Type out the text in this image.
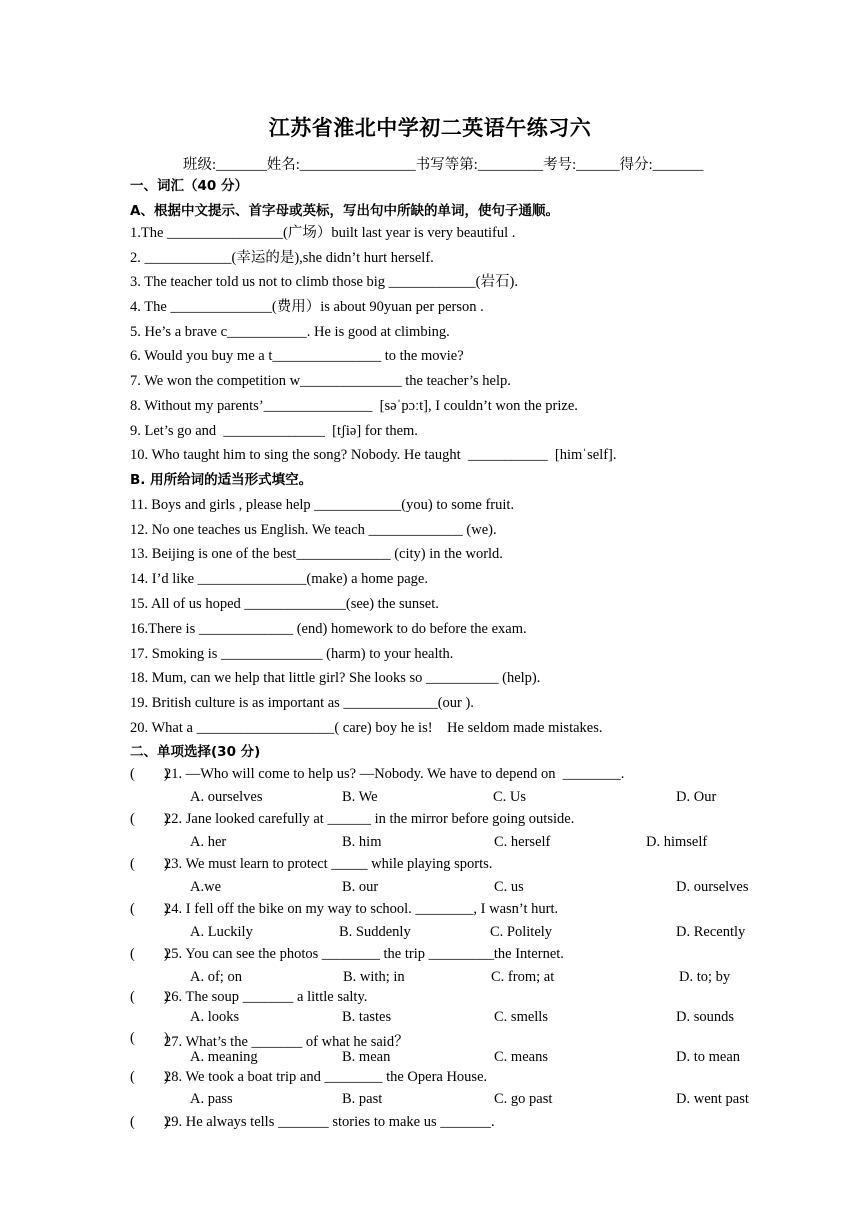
江苏省淮北中学初二英语午练习六
班级:_______姓名:________________书写等第:_________考号:______得分:_______
一、词汇（40 分）
A、根据中文提示、首字母或英标，写出句中所缺的单词，使句子通顺。
1.The ________________(广场）built last year is very beautiful .
2. ____________(幸运的是),she didn’t hurt herself.
3. The teacher told us not to climb those big ____________(岩石).
4. The ______________(费用）is about 90yuan per person .
5. He’s a brave c___________. He is good at climbing.
6. Would you buy me a t_______________ to the movie?
7. We won the competition w______________ the teacher’s help.
8. Without my parents’_______________  [səˈpɔːt], I couldn’t won the prize.
9. Let’s go and  ______________  [tʃiə] for them.
10. Who taught him to sing the song? Nobody. He taught  ___________  [himˈself].
B. 用所给词的适当形式填空。
11. Boys and girls , please help ____________(you) to some fruit.
12. No one teaches us English. We teach _____________ (we).
13. Beijing is one of the best_____________ (city) in the world.
14. I’d like _______________(make) a home page.
15. All of us hoped ______________(see) the sunset.
16.There is _____________ (end) homework to do before the exam.
17. Smoking is ______________ (harm) to your health.
18. Mum, can we help that little girl? She looks so __________ (help).
19. British culture is as important as _____________(our ).
20. What a ___________________( care) boy he is!    He seldom made mistakes.
二、单项选择(30 分)
(        )
21. —Who will come to help us? —Nobody. We have to depend on  ________.
A. ourselves	B. We	C. Us	D. Our
(        )
22. Jane looked carefully at ______ in the mirror before going outside.
A. her	B. him	C. herself	D. himself
(        )
23. We must learn to protect _____ while playing sports.
A.we	B. our	C. us	D. ourselves
(        )
24. I fell off the bike on my way to school. ________, I wasn’t hurt.
A. Luckily	B. Suddenly	C. Politely	D. Recently
(        )
25. You can see the photos ________ the trip _________the Internet.
A. of; on	B. with; in	C. from; at	D. to; by
(        )
26. The soup _______ a little salty.
A. looks	B. tastes	C. smells	D. sounds
(        )
27. What’s the _______ of what he said？
A. meaning	B. mean	C. means	D. to mean
(        )
28. We took a boat trip and ________ the Opera House.
A. pass	B. past	C. go past	D. went past
(        )
29. He always tells _______ stories to make us _______.
